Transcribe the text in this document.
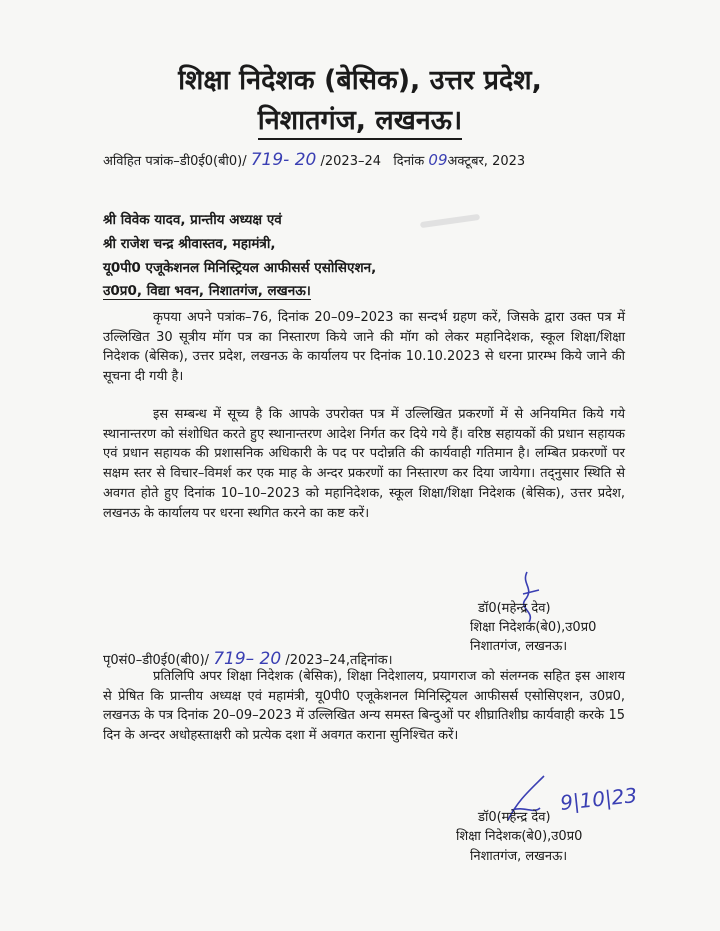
शिक्षा निदेशक (बेसिक), उत्तर प्रदेश,
निशातगंज, लखनऊ।
अविहित पत्रांक–डी0ई0(बी0)/ 719- 20 /2023–24 दिनांक 09अक्टूबर, 2023
श्री विवेक यादव, प्रान्तीय अध्यक्ष एवं
श्री राजेश चन्द्र श्रीवास्तव, महामंत्री,
यू0पी0 एजूकेशनल मिनिस्ट्रियल आफीसर्स एसोसिएशन,
उ0प्र0, विद्या भवन, निशातगंज, लखनऊ।
कृपया अपने पत्रांक–76, दिनांक 20–09–2023 का सन्दर्भ ग्रहण करें, जिसके द्वारा उक्त पत्र में उल्लिखित 30 सूत्रीय मॉग पत्र का निस्तारण किये जाने की मॉग को लेकर महानिदेशक, स्कूल शिक्षा/शिक्षा निदेशक (बेसिक), उत्तर प्रदेश, लखनऊ के कार्यालय पर दिनांक 10.10.2023 से धरना प्रारम्भ किये जाने की सूचना दी गयी है।
इस सम्बन्ध में सूच्य है कि आपके उपरोक्त पत्र में उल्लिखित प्रकरणों में से अनियमित किये गये स्थानान्तरण को संशोधित करते हुए स्थानान्तरण आदेश निर्गत कर दिये गये हैं। वरिष्ठ सहायकों की प्रधान सहायक एवं प्रधान सहायक की प्रशासनिक अधिकारी के पद पर पदोन्नति की कार्यवाही गतिमान है। लम्बित प्रकरणों पर सक्षम स्तर से विचार–विमर्श कर एक माह के अन्दर प्रकरणों का निस्तारण कर दिया जायेगा। तद्नुसार स्थिति से अवगत होते हुए दिनांक 10–10–2023 को महानिदेशक, स्कूल शिक्षा/शिक्षा निदेशक (बेसिक), उत्तर प्रदेश, लखनऊ के कार्यालय पर धरना स्थगित करने का कष्ट करें।
डॉ0(महेन्द्र देव)
शिक्षा निदेशक(बे0),उ0प्र0
निशातगंज, लखनऊ।
पृ0सं0–डी0ई0(बी0)/ 719– 20 /2023–24,तद्दिनांक।
प्रतिलिपि अपर शिक्षा निदेशक (बेसिक), शिक्षा निदेशालय, प्रयागराज को संलग्नक सहित इस आशय से प्रेषित कि प्रान्तीय अध्यक्ष एवं महामंत्री, यू0पी0 एजूकेशनल मिनिस्ट्रियल आफीसर्स एसोसिएशन, उ0प्र0, लखनऊ के पत्र दिनांक 20–09–2023 में उल्लिखित अन्य समस्त बिन्दुओं पर शीघ्रातिशीघ्र कार्यवाही करके 15 दिन के अन्दर अधोहस्ताक्षरी को प्रत्येक दशा में अवगत कराना सुनिश्चित करें।
9|10|23
डॉ0(महेन्द्र देव)
शिक्षा निदेशक(बे0),उ0प्र0
निशातगंज, लखनऊ।
